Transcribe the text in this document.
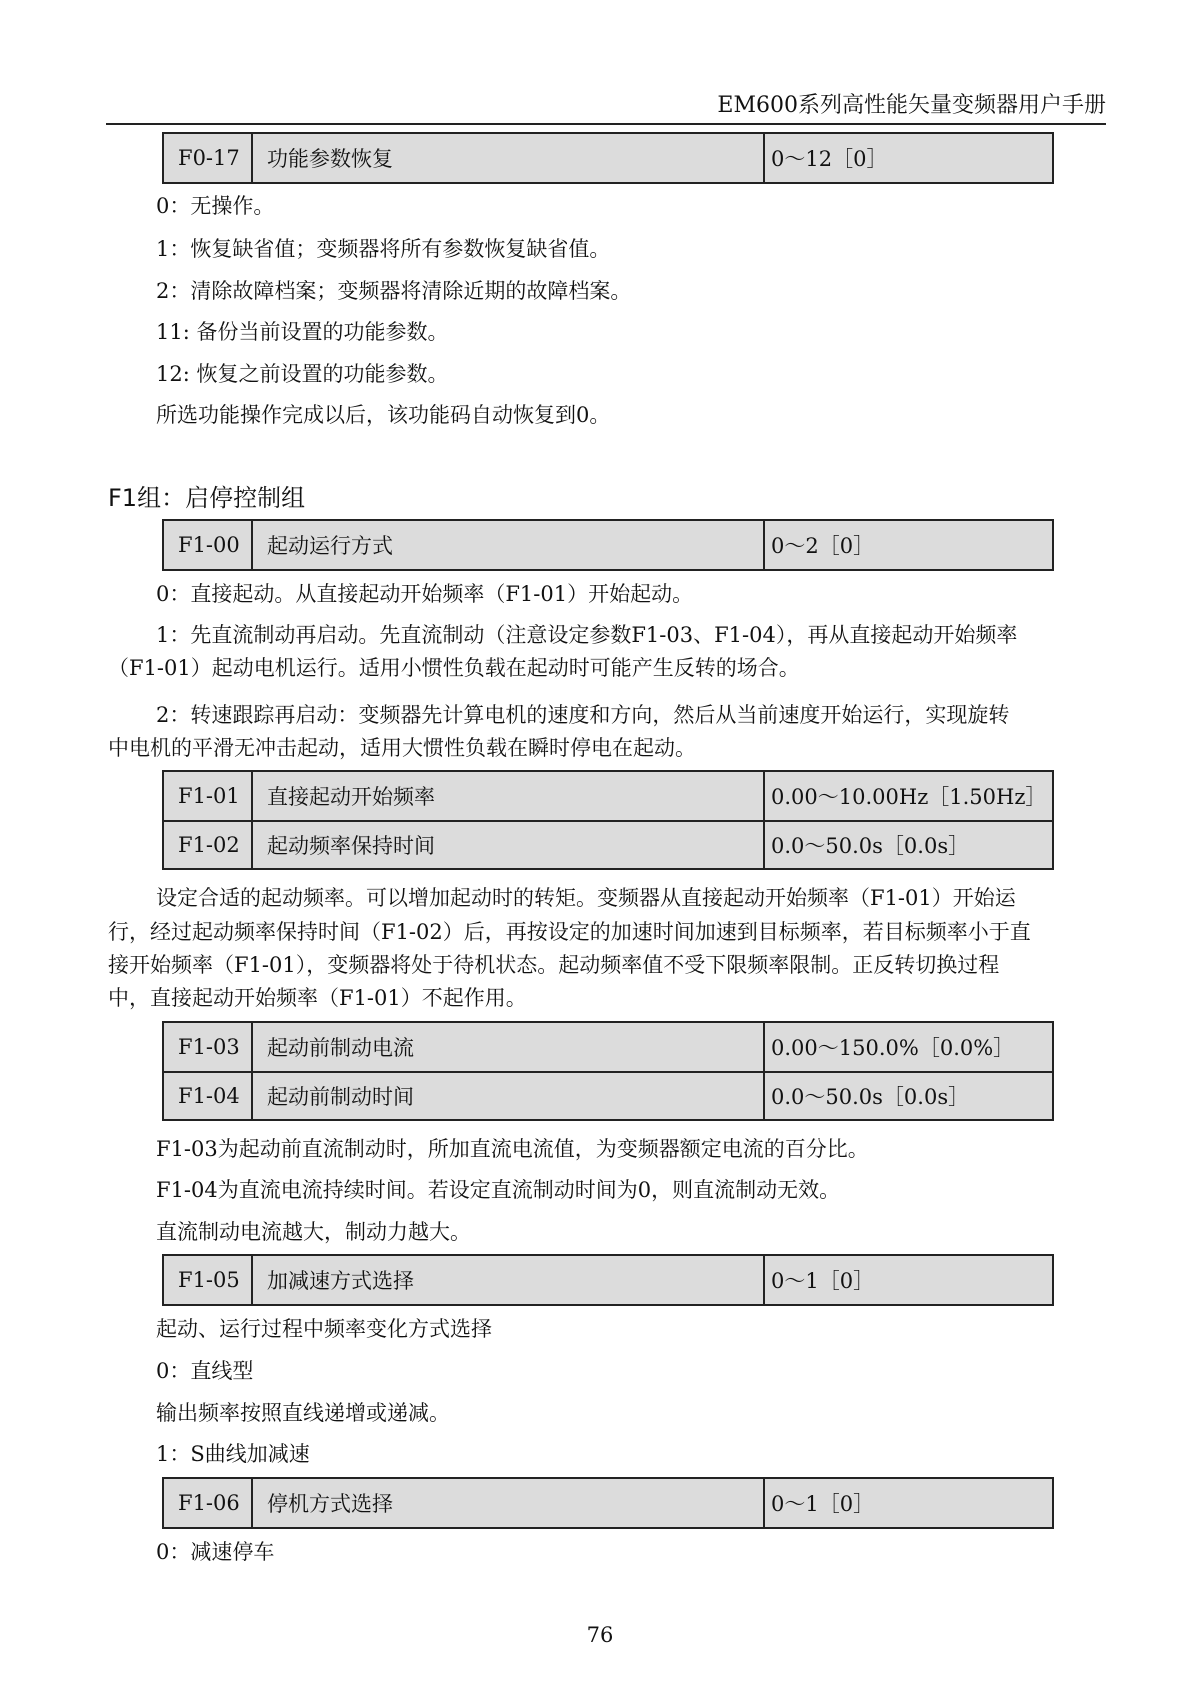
EM600系列高性能矢量变频器用户手册
F0-17	功能参数恢复	0～12［0］
0：无操作。
1：恢复缺省值；变频器将所有参数恢复缺省值。
2：清除故障档案；变频器将清除近期的故障档案。
11: 备份当前设置的功能参数。
12: 恢复之前设置的功能参数。
所选功能操作完成以后，该功能码自动恢复到0。
F1组：启停控制组
F1-00	起动运行方式	0～2［0］
0：直接起动。从直接起动开始频率（F1-01）开始起动。
1：先直流制动再启动。先直流制动（注意设定参数F1-03、F1-04），再从直接起动开始频率
（F1-01）起动电机运行。适用小惯性负载在起动时可能产生反转的场合。
2：转速跟踪再启动：变频器先计算电机的速度和方向，然后从当前速度开始运行，实现旋转
中电机的平滑无冲击起动，适用大惯性负载在瞬时停电在起动。
F1-01	直接起动开始频率	0.00～10.00Hz［1.50Hz］
F1-02	起动频率保持时间	0.0～50.0s［0.0s］
设定合适的起动频率。可以增加起动时的转矩。变频器从直接起动开始频率（F1-01）开始运
行，经过起动频率保持时间（F1-02）后，再按设定的加速时间加速到目标频率，若目标频率小于直
接开始频率（F1-01），变频器将处于待机状态。起动频率值不受下限频率限制。正反转切换过程
中，直接起动开始频率（F1-01）不起作用。
F1-03	起动前制动电流	0.00～150.0%［0.0%］
F1-04	起动前制动时间	0.0～50.0s［0.0s］
F1-03为起动前直流制动时，所加直流电流值，为变频器额定电流的百分比。
F1-04为直流电流持续时间。若设定直流制动时间为0，则直流制动无效。
直流制动电流越大，制动力越大。
F1-05	加减速方式选择	0～1［0］
起动、运行过程中频率变化方式选择
0：直线型
输出频率按照直线递增或递减。
1：S曲线加减速
F1-06	停机方式选择	0～1［0］
0：减速停车
76
